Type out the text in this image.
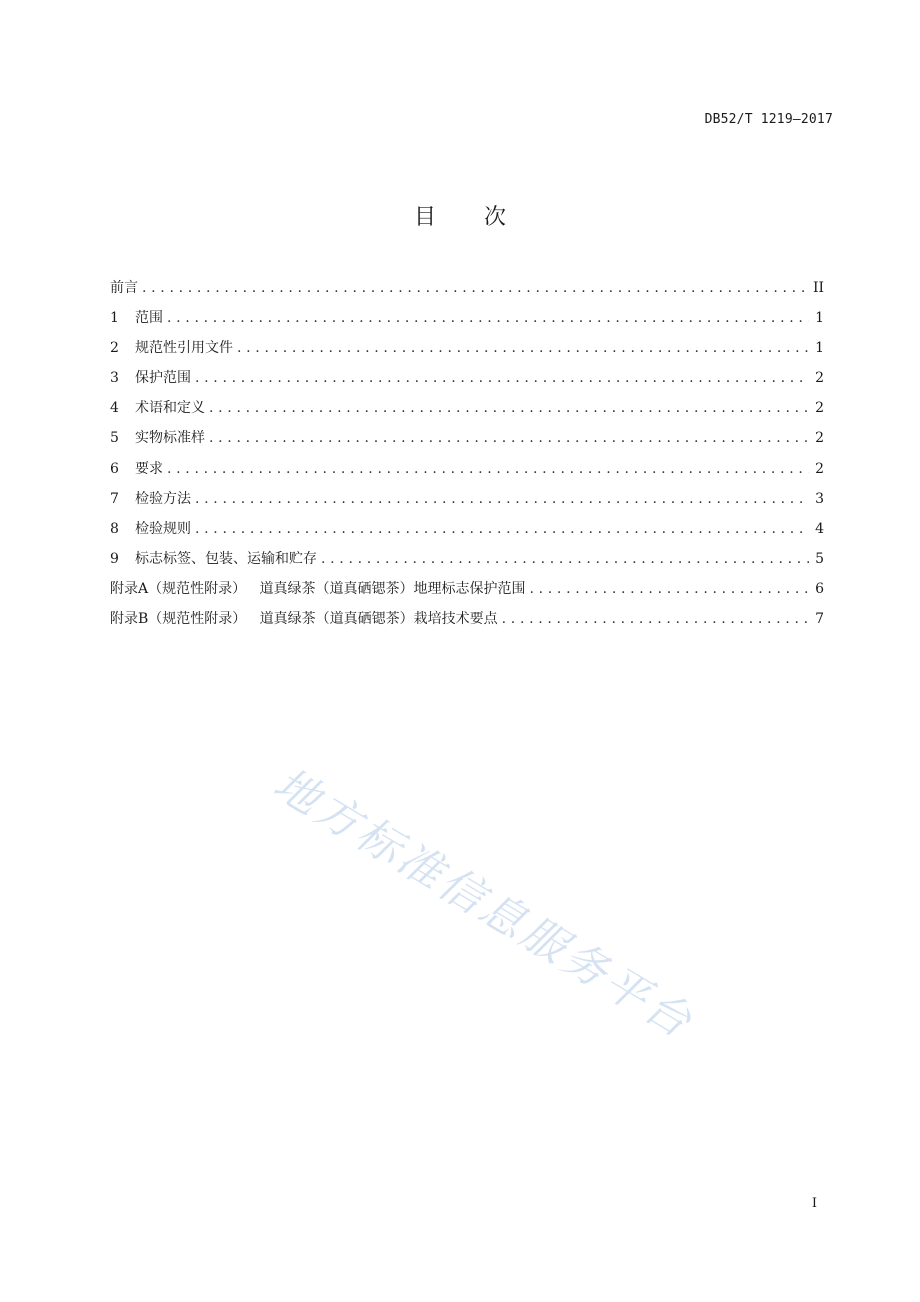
DB52/T 1219—2017
目 次
前言 .....	II
1	范围 .....	1
2	规范性引用文件 .....	1
3	保护范围 .....	2
4	术语和定义 .....	2
5	实物标准样 .....	2
6	要求 .....	2
7	检验方法 .....	3
8	检验规则 .....	4
9	标志标签、包装、运输和贮存 .....	5
附录A（规范性附录）   道真绿茶（道真硒锶茶）地理标志保护范围 .....	6
附录B（规范性附录）   道真绿茶（道真硒锶茶）栽培技术要点 .....	7
地方标准信息服务平台
I
